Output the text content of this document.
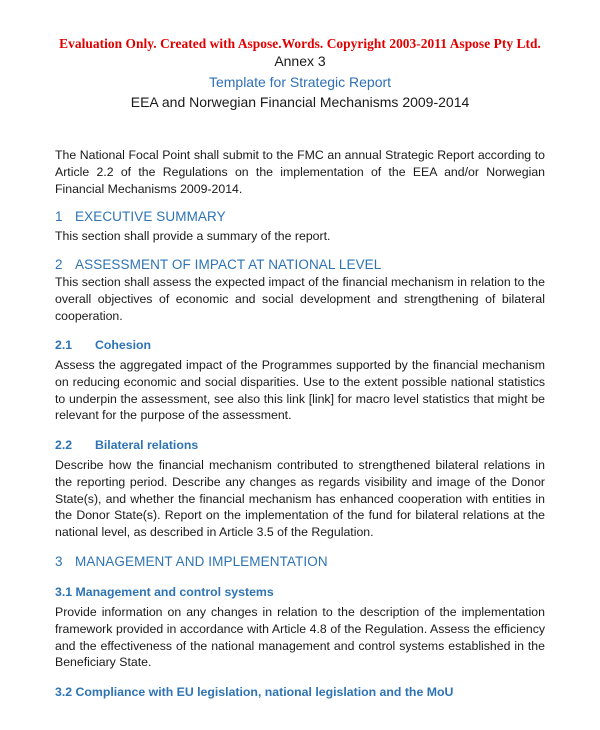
Evaluation Only. Created with Aspose.Words. Copyright 2003-2011 Aspose Pty Ltd.
Annex 3
Template for Strategic Report
EEA and Norwegian Financial Mechanisms 2009-2014
The National Focal Point shall submit to the FMC an annual Strategic Report according to Article 2.2 of the Regulations on the implementation of the EEA and/or Norwegian Financial Mechanisms 2009-2014.
1 EXECUTIVE SUMMARY
This section shall provide a summary of the report.
2 ASSESSMENT OF IMPACT AT NATIONAL LEVEL
This section shall assess the expected impact of the financial mechanism in relation to the overall objectives of economic and social development and strengthening of bilateral cooperation.
2.1 Cohesion
Assess the aggregated impact of the Programmes supported by the financial mechanism on reducing economic and social disparities. Use to the extent possible national statistics to underpin the assessment, see also this link [link] for macro level statistics that might be relevant for the purpose of the assessment.
2.2 Bilateral relations
Describe how the financial mechanism contributed to strengthened bilateral relations in the reporting period. Describe any changes as regards visibility and image of the Donor State(s), and whether the financial mechanism has enhanced cooperation with entities in the Donor State(s). Report on the implementation of the fund for bilateral relations at the national level, as described in Article 3.5 of the Regulation.
3 MANAGEMENT AND IMPLEMENTATION
3.1 Management and control systems
Provide information on any changes in relation to the description of the implementation framework provided in accordance with Article 4.8 of the Regulation. Assess the efficiency and the effectiveness of the national management and control systems established in the Beneficiary State.
3.2 Compliance with EU legislation, national legislation and the MoU
